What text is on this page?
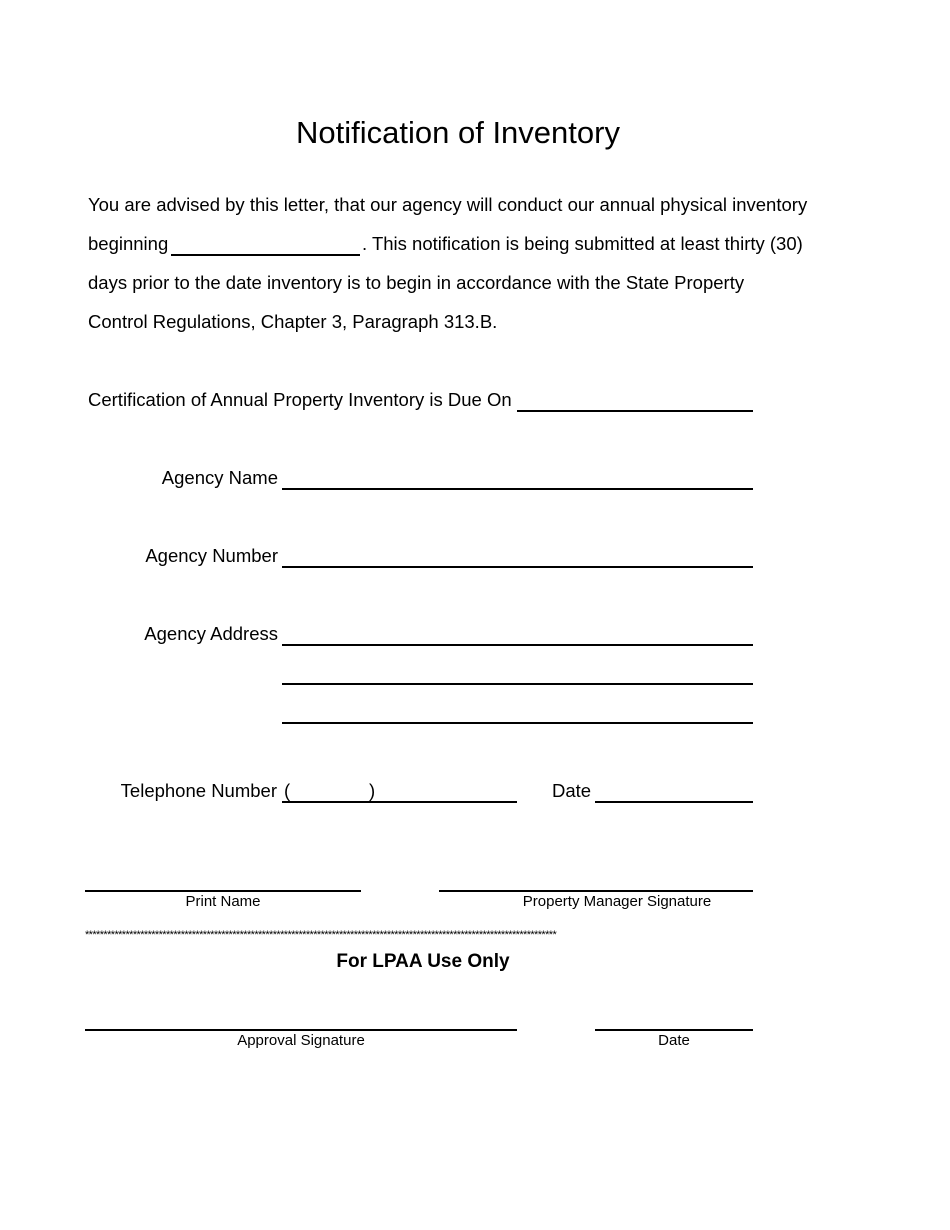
Notification of Inventory
You are advised by this letter, that our agency will conduct our annual physical inventory
beginning	. This notification is being submitted at least thirty (30)
days prior to the date inventory is to begin in accordance with the State Property
Control Regulations, Chapter 3, Paragraph 313.B.
Certification of Annual Property Inventory is Due On
Agency Name
Agency Number
Agency Address
Telephone Number (	)	Date
Print Name	Property Manager Signature
********************************************************************************************************************************
For LPAA Use Only
Approval Signature	Date
